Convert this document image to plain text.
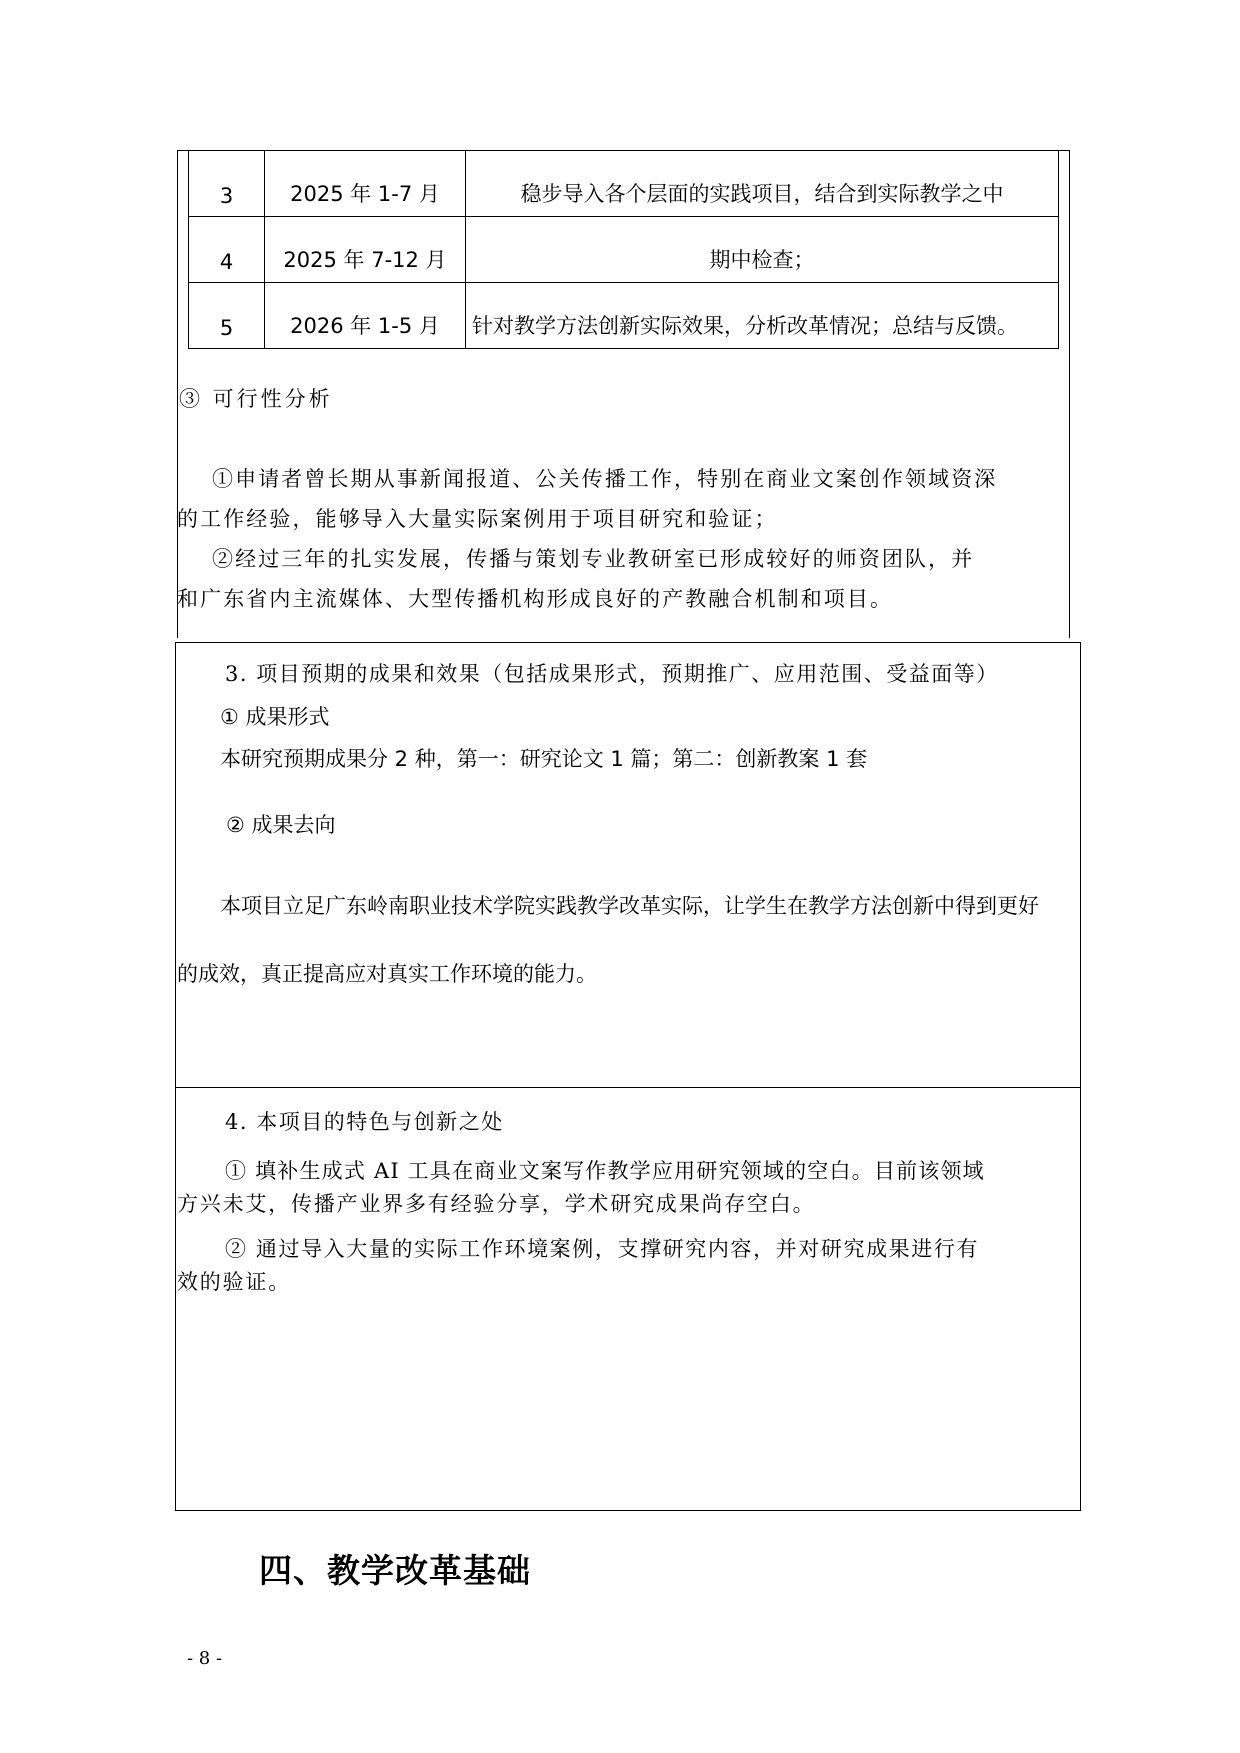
3	2025 年 1-7 月	稳步导入各个层面的实践项目，结合到实际教学之中
4	2025 年 7-12 月	期中检查；
5	2026 年 1-5 月	针对教学方法创新实际效果，分析改革情况；总结与反馈。
③ 可行性分析
①申请者曾长期从事新闻报道、公关传播工作，特别在商业文案创作领域资深
的工作经验，能够导入大量实际案例用于项目研究和验证；
②经过三年的扎实发展，传播与策划专业教研室已形成较好的师资团队，并
和广东省内主流媒体、大型传播机构形成良好的产教融合机制和项目。
3. 项目预期的成果和效果（包括成果形式，预期推广、应用范围、受益面等）
① 成果形式
本研究预期成果分 2 种，第一：研究论文 1 篇；第二：创新教案 1 套
② 成果去向
本项目立足广东岭南职业技术学院实践教学改革实际，让学生在教学方法创新中得到更好
的成效，真正提高应对真实工作环境的能力。
4. 本项目的特色与创新之处
① 填补生成式 AI 工具在商业文案写作教学应用研究领域的空白。目前该领域
方兴未艾，传播产业界多有经验分享，学术研究成果尚存空白。
② 通过导入大量的实际工作环境案例，支撑研究内容，并对研究成果进行有
效的验证。
四、教学改革基础
- 8 -
